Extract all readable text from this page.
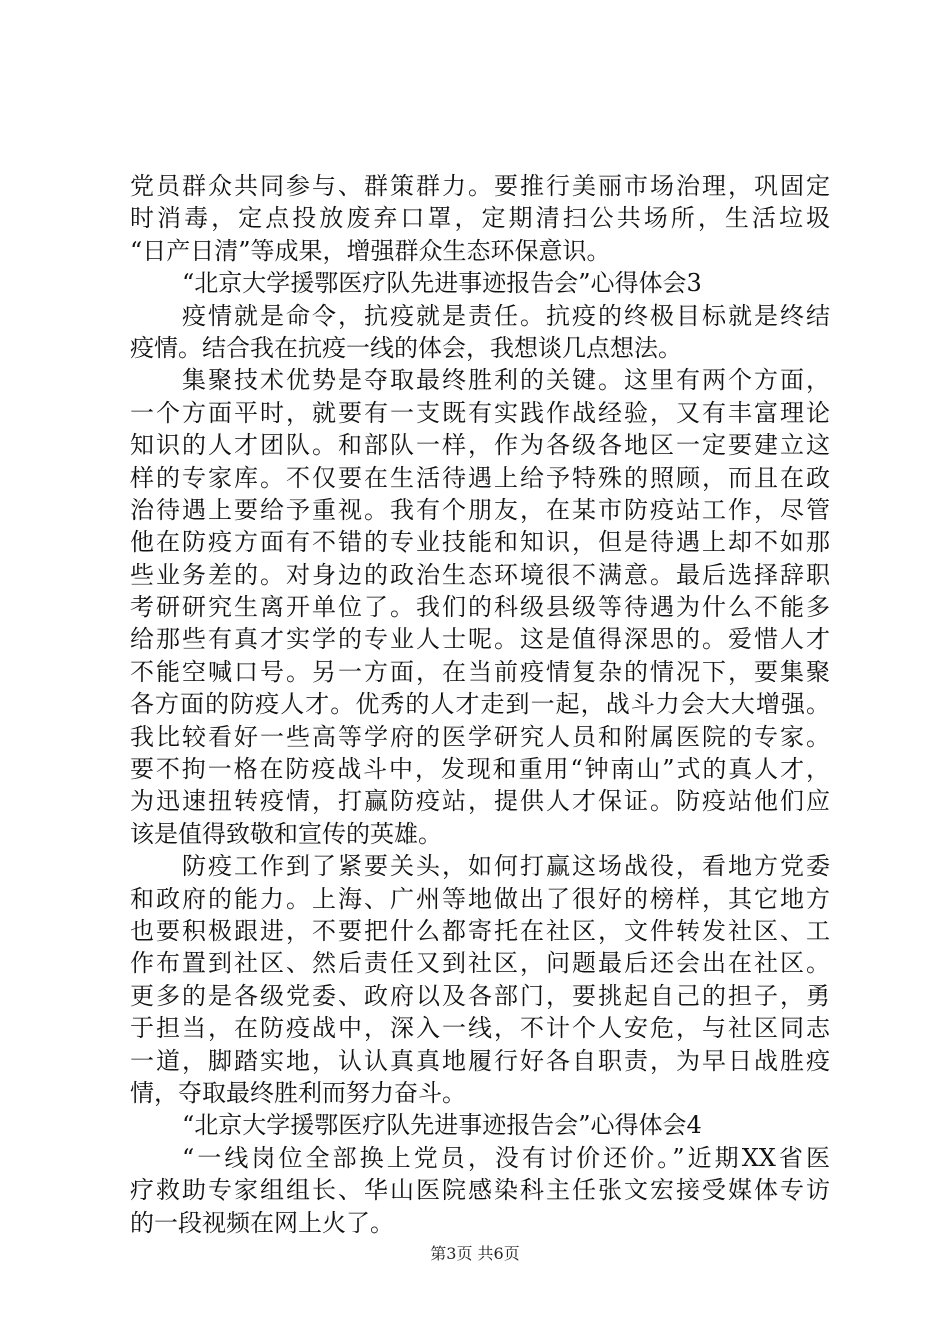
党员群众共同参与、群策群力。要推行美丽市场治理，巩固定
时消毒，定点投放废弃口罩，定期清扫公共场所，生活垃圾
“日产日清”等成果，增强群众生态环保意识。
“北京大学援鄂医疗队先进事迹报告会”心得体会3
疫情就是命令，抗疫就是责任。抗疫的终极目标就是终结
疫情。结合我在抗疫一线的体会，我想谈几点想法。
集聚技术优势是夺取最终胜利的关键。这里有两个方面，
一个方面平时，就要有一支既有实践作战经验，又有丰富理论
知识的人才团队。和部队一样，作为各级各地区一定要建立这
样的专家库。不仅要在生活待遇上给予特殊的照顾，而且在政
治待遇上要给予重视。我有个朋友，在某市防疫站工作，尽管
他在防疫方面有不错的专业技能和知识，但是待遇上却不如那
些业务差的。对身边的政治生态环境很不满意。最后选择辞职
考研研究生离开单位了。我们的科级县级等待遇为什么不能多
给那些有真才实学的专业人士呢。这是值得深思的。爱惜人才
不能空喊口号。另一方面，在当前疫情复杂的情况下，要集聚
各方面的防疫人才。优秀的人才走到一起，战斗力会大大增强。
我比较看好一些高等学府的医学研究人员和附属医院的专家。
要不拘一格在防疫战斗中，发现和重用“钟南山”式的真人才，
为迅速扭转疫情，打赢防疫站，提供人才保证。防疫站他们应
该是值得致敬和宣传的英雄。
防疫工作到了紧要关头，如何打赢这场战役，看地方党委
和政府的能力。上海、广州等地做出了很好的榜样，其它地方
也要积极跟进，不要把什么都寄托在社区，文件转发社区、工
作布置到社区、然后责任又到社区，问题最后还会出在社区。
更多的是各级党委、政府以及各部门，要挑起自己的担子，勇
于担当，在防疫战中，深入一线，不计个人安危，与社区同志
一道，脚踏实地，认认真真地履行好各自职责，为早日战胜疫
情，夺取最终胜利而努力奋斗。
“北京大学援鄂医疗队先进事迹报告会”心得体会4
“一线岗位全部换上党员，没有讨价还价。”近期XX省医
疗救助专家组组长、华山医院感染科主任张文宏接受媒体专访
的一段视频在网上火了。
第3页 共6页
